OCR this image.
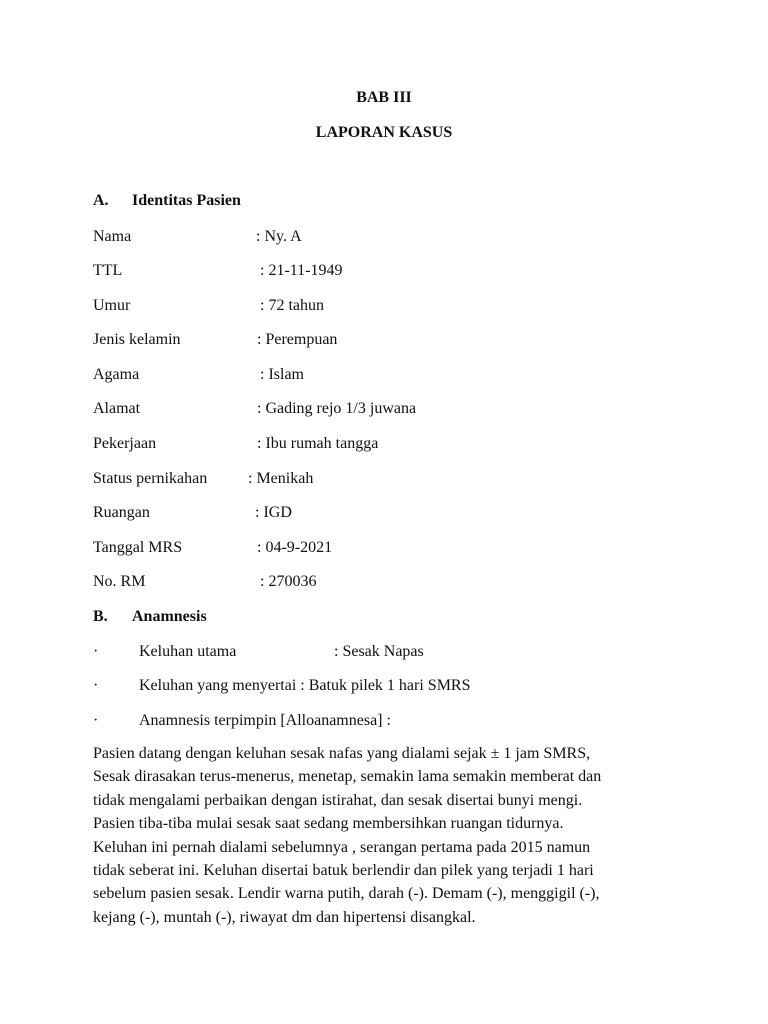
BAB III
LAPORAN KASUS
A. Identitas Pasien
Nama	: Ny. A
TTL	: 21-11-1949
Umur	: 72 tahun
Jenis kelamin	: Perempuan
Agama	: Islam
Alamat	: Gading rejo 1/3 juwana
Pekerjaan	: Ibu rumah tangga
Status pernikahan	: Menikah
Ruangan	: IGD
Tanggal MRS	: 04-9-2021
No. RM	: 270036
B. Anamnesis
·	Keluhan utama	: Sesak Napas
·	Keluhan yang menyertai : Batuk pilek 1 hari SMRS
·	Anamnesis terpimpin [Alloanamnesa] :
Pasien datang dengan keluhan sesak nafas yang dialami sejak ± 1 jam SMRS,
Sesak dirasakan terus-menerus, menetap, semakin lama semakin memberat dan
tidak mengalami perbaikan dengan istirahat, dan sesak disertai bunyi mengi.
Pasien tiba-tiba mulai sesak saat sedang membersihkan ruangan tidurnya.
Keluhan ini pernah dialami sebelumnya , serangan pertama pada 2015 namun
tidak seberat ini. Keluhan disertai batuk berlendir dan pilek yang terjadi 1 hari
sebelum pasien sesak. Lendir warna putih, darah (-). Demam (-), menggigil (-),
kejang (-), muntah (-), riwayat dm dan hipertensi disangkal.
